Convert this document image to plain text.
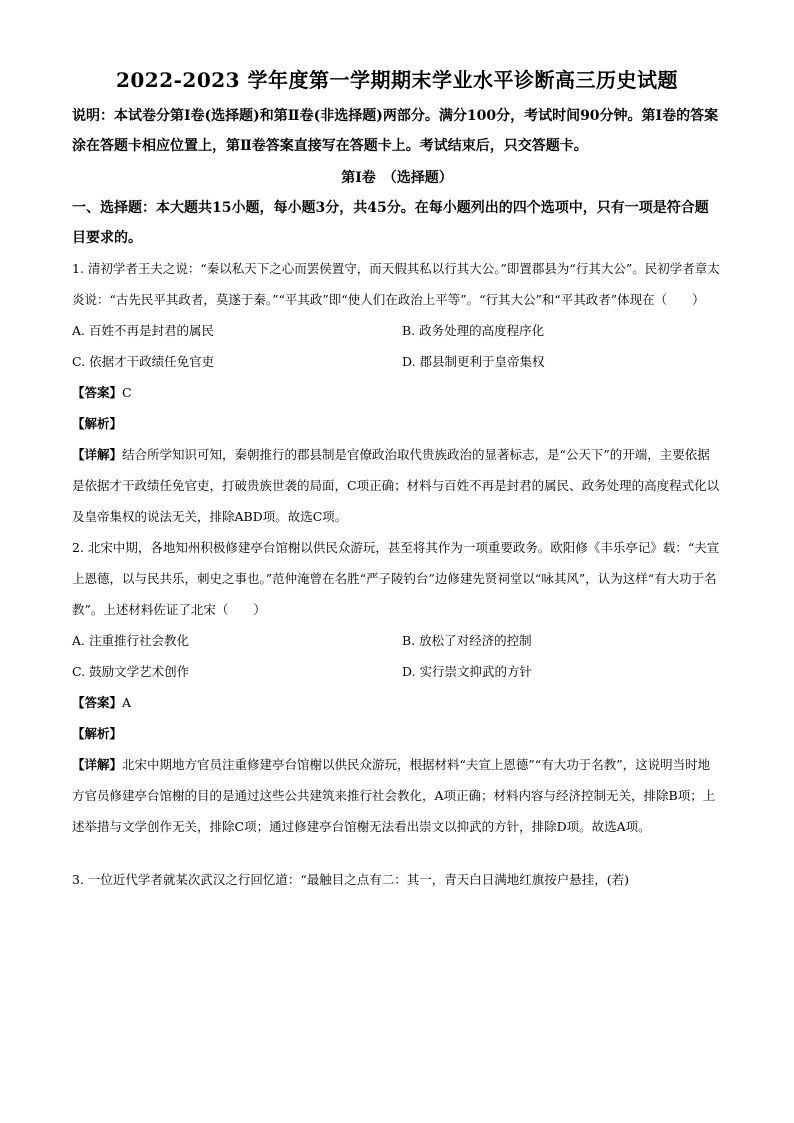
2022-2023 学年度第一学期期末学业水平诊断高三历史试题

说明：本试卷分第Ⅰ卷(选择题)和第Ⅱ卷(非选择题)两部分。满分100分，考试时间90分钟。第Ⅰ卷的答案涂在答题卡相应位置上，第Ⅱ卷答案直接写在答题卡上。考试结束后，只交答题卡。

第Ⅰ卷　（选择题）

一、选择题：本大题共15小题，每小题3分，共45分。在每小题列出的四个选项中，只有一项是符合题目要求的。

1. 清初学者王夫之说：“秦以私天下之心而罢侯置守，而天假其私以行其大公。”即置郡县为“行其大公”。民初学者章太炎说：“古先民平其政者，莫遂于秦。”“平其政”即“使人们在政治上平等”。“行其大公”和“平其政者”体现在（　　）

A. 百姓不再是封君的属民	B. 政务处理的高度程序化
C. 依据才干政绩任免官吏	D. 郡县制更利于皇帝集权

【答案】C

【解析】

【详解】结合所学知识可知，秦朝推行的郡县制是官僚政治取代贵族政治的显著标志，是“公天下”的开端，主要依据是依据才干政绩任免官吏，打破贵族世袭的局面，C项正确；材料与百姓不再是封君的属民、政务处理的高度程式化以及皇帝集权的说法无关，排除ABD项。故选C项。

2. 北宋中期，各地知州积极修建亭台馆榭以供民众游玩，甚至将其作为一项重要政务。欧阳修《丰乐亭记》载：“夫宣上恩德，以与民共乐，刺史之事也。”范仲淹曾在名胜“严子陵钓台”边修建先贤祠堂以“咏其风”，认为这样“有大功于名教”。上述材料佐证了北宋（　　）

A. 注重推行社会教化	B. 放松了对经济的控制
C. 鼓励文学艺术创作	D. 实行崇文抑武的方针

【答案】A

【解析】

【详解】北宋中期地方官员注重修建亭台馆榭以供民众游玩，根据材料“夫宣上恩德”“有大功于名教”，这说明当时地方官员修建亭台馆榭的目的是通过这些公共建筑来推行社会教化，A项正确；材料内容与经济控制无关，排除B项；上述举措与文学创作无关，排除C项；通过修建亭台馆榭无法看出崇文以抑武的方针，排除D项。故选A项。

3. 一位近代学者就某次武汉之行回忆道：“最触目之点有二：其一，青天白日满地红旗按户悬挂，(若)
